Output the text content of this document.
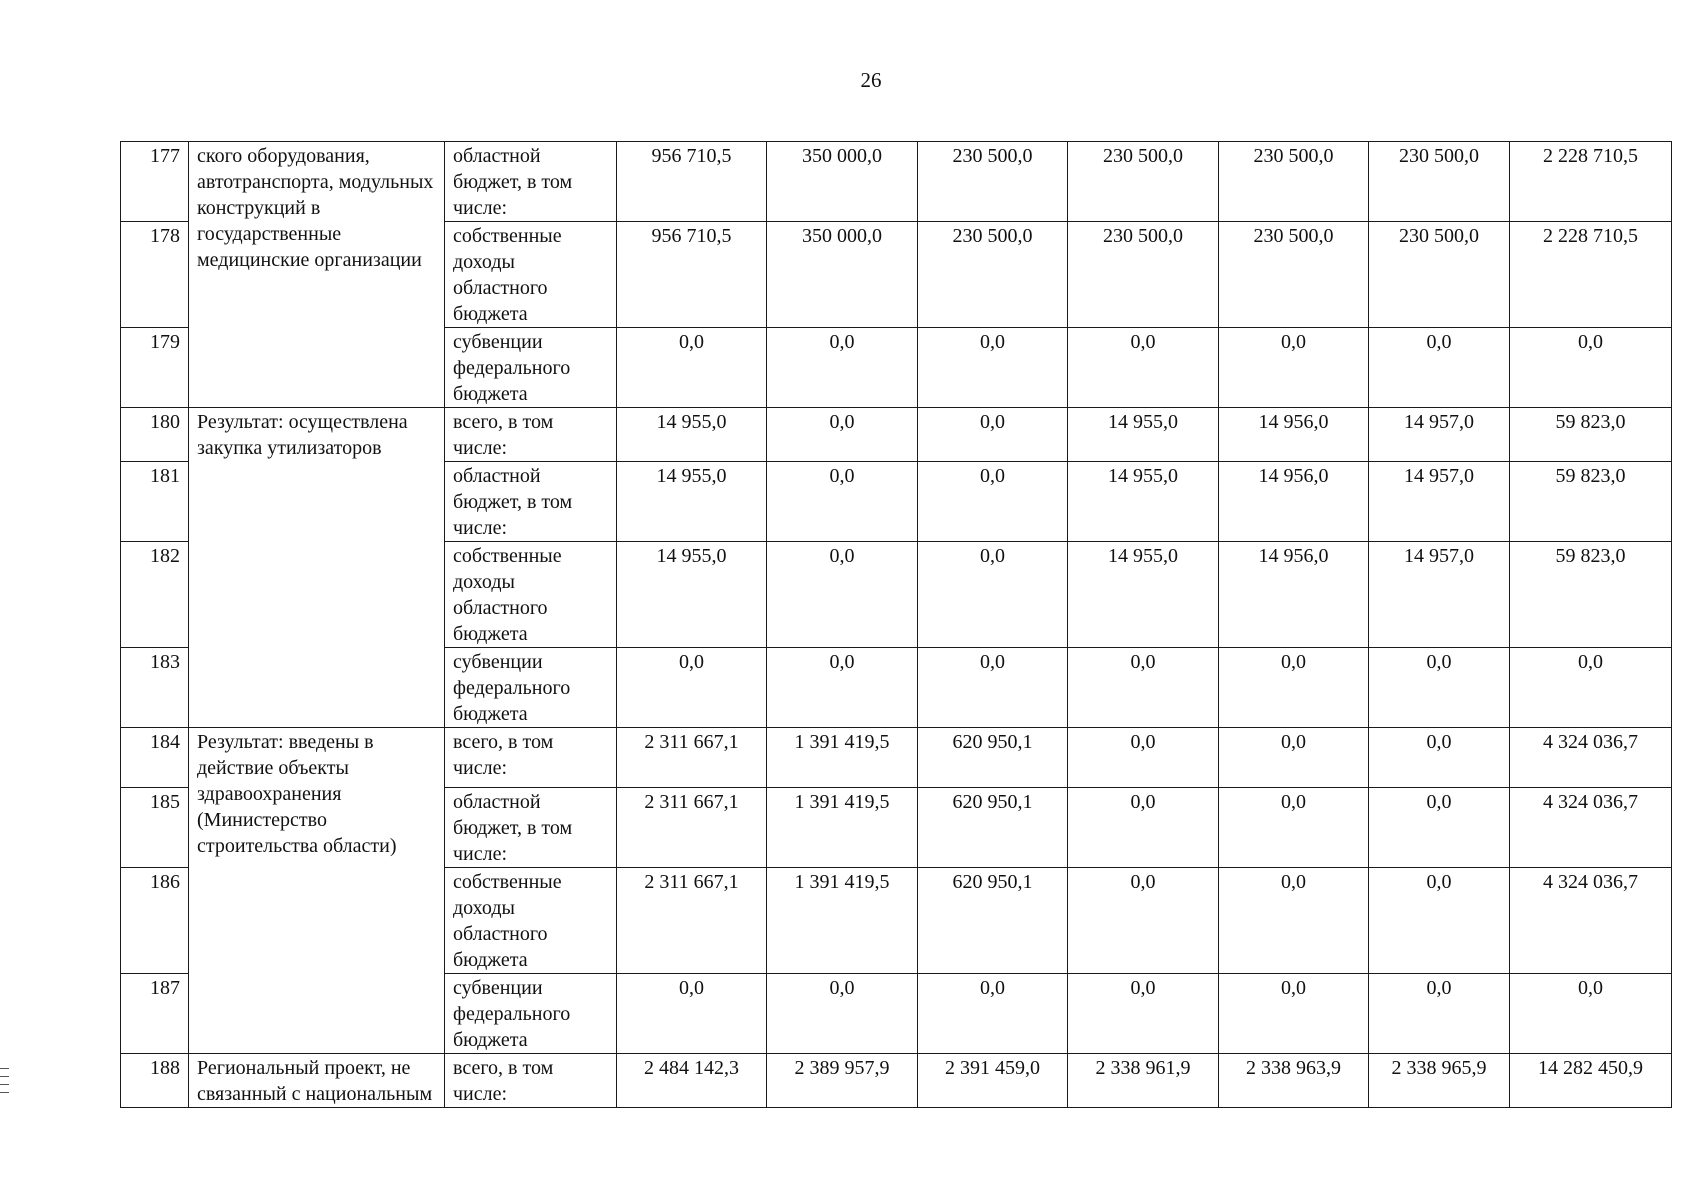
26
177	ского оборудования, автотранспорта, модульных конструкций в государственные медицинские организации	областной бюджет, в том числе:	956 710,5	350 000,0	230 500,0	230 500,0	230 500,0	230 500,0	2 228 710,5
178		собственные доходы областного бюджета	956 710,5	350 000,0	230 500,0	230 500,0	230 500,0	230 500,0	2 228 710,5
179		субвенции федерального бюджета	0,0	0,0	0,0	0,0	0,0	0,0	0,0
180	Результат: осуществлена закупка утилизаторов	всего, в том числе:	14 955,0	0,0	0,0	14 955,0	14 956,0	14 957,0	59 823,0
181		областной бюджет, в том числе:	14 955,0	0,0	0,0	14 955,0	14 956,0	14 957,0	59 823,0
182		собственные доходы областного бюджета	14 955,0	0,0	0,0	14 955,0	14 956,0	14 957,0	59 823,0
183		субвенции федерального бюджета	0,0	0,0	0,0	0,0	0,0	0,0	0,0
184	Результат: введены в действие объекты здравоохранения (Министерство строительства области)	всего, в том числе:	2 311 667,1	1 391 419,5	620 950,1	0,0	0,0	0,0	4 324 036,7
185		областной бюджет, в том числе:	2 311 667,1	1 391 419,5	620 950,1	0,0	0,0	0,0	4 324 036,7
186		собственные доходы областного бюджета	2 311 667,1	1 391 419,5	620 950,1	0,0	0,0	0,0	4 324 036,7
187		субвенции федерального бюджета	0,0	0,0	0,0	0,0	0,0	0,0	0,0
188	Региональный проект, не связанный с национальным	всего, в том числе:	2 484 142,3	2 389 957,9	2 391 459,0	2 338 961,9	2 338 963,9	2 338 965,9	14 282 450,9
